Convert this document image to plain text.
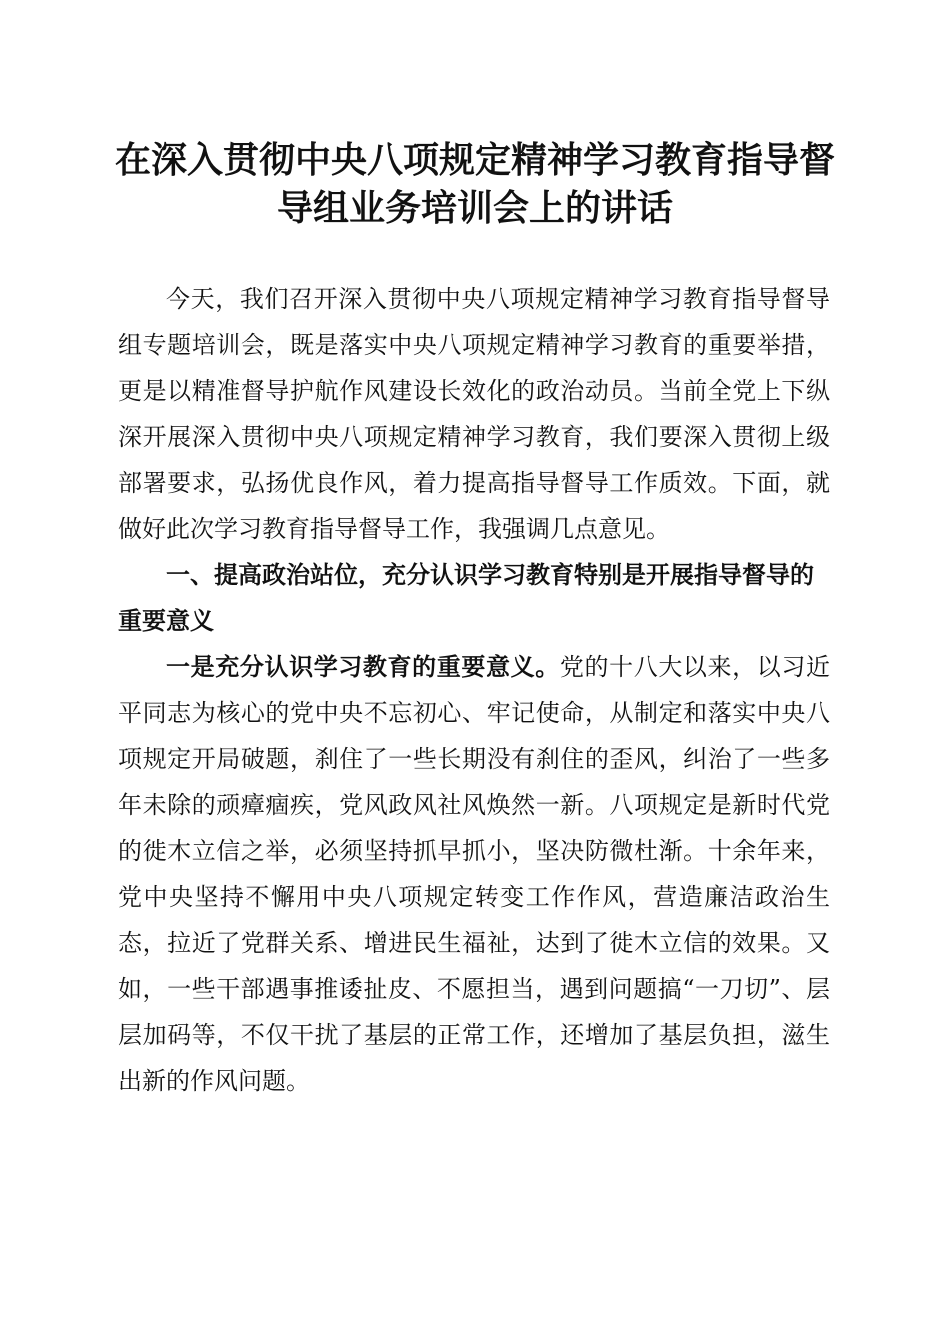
在深入贯彻中央八项规定精神学习教育指导督
导组业务培训会上的讲话

今天，我们召开深入贯彻中央八项规定精神学习教育指导督导组专题培训会，既是落实中央八项规定精神学习教育的重要举措，更是以精准督导护航作风建设长效化的政治动员。当前全党上下纵深开展深入贯彻中央八项规定精神学习教育，我们要深入贯彻上级部署要求，弘扬优良作风，着力提高指导督导工作质效。下面，就做好此次学习教育指导督导工作，我强调几点意见。

一、提高政治站位，充分认识学习教育特别是开展指导督导的重要意义

一是充分认识学习教育的重要意义。党的十八大以来，以习近平同志为核心的党中央不忘初心、牢记使命，从制定和落实中央八项规定开局破题，刹住了一些长期没有刹住的歪风，纠治了一些多年未除的顽瘴痼疾，党风政风社风焕然一新。八项规定是新时代党的徙木立信之举，必须坚持抓早抓小，坚决防微杜渐。十余年来，党中央坚持不懈用中央八项规定转变工作作风，营造廉洁政治生态，拉近了党群关系、增进民生福祉，达到了徙木立信的效果。又如，一些干部遇事推诿扯皮、不愿担当，遇到问题搞“一刀切”、层层加码等，不仅干扰了基层的正常工作，还增加了基层负担，滋生出新的作风问题。
